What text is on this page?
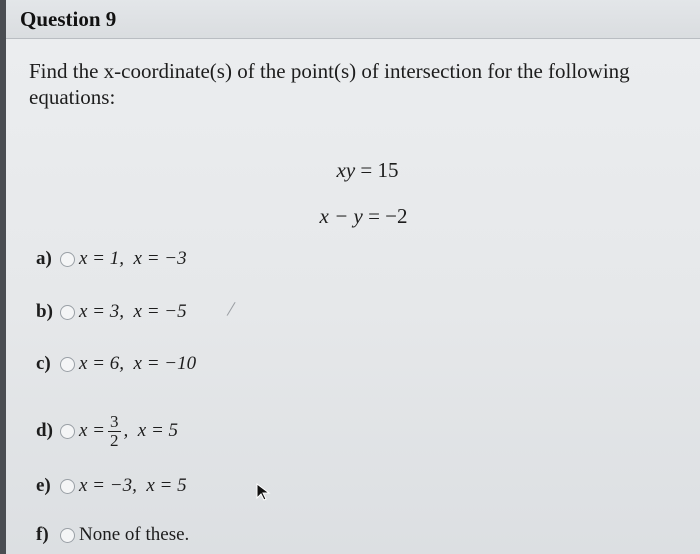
Question 9
Find the x-coordinate(s) of the point(s) of intersection for the following equations:

xy = 15

x − y = −2

a)	x = 1,  x = −3
b)	x = 3,  x = −5 /
c)	x = 6,  x = −10
d)	$x = \frac{3}{2}$ ,  x = 5
e)	x = −3,  x = 5
f)	None of these.
